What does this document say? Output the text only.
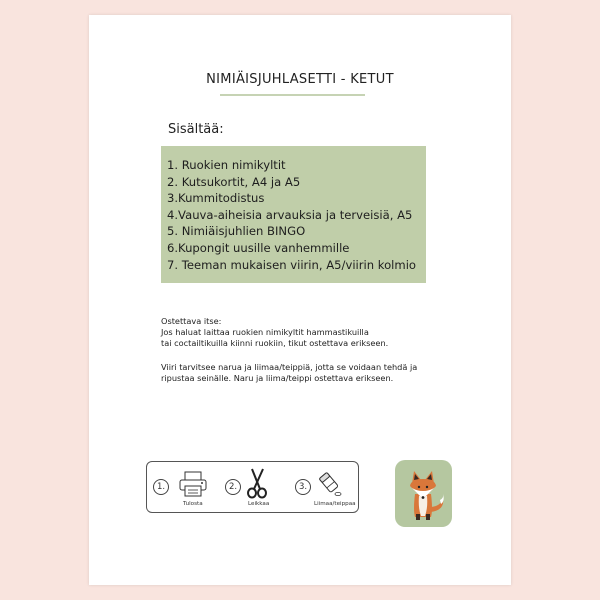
NIMIÄISJUHLASETTI - KETUT
Sisältää:
1. Ruokien nimikyltit
2. Kutsukortit, A4 ja A5
3.Kummitodistus
4.Vauva-aiheisia arvauksia ja terveisiä, A5
5. Nimiäisjuhlien BINGO
6.Kupongit uusille vanhemmille
7. Teeman mukaisen viirin, A5/viirin kolmio
Ostettava itse:
Jos haluat laittaa ruokien nimikyltit hammastikuilla
tai coctailtikuilla kiinni ruokiin, tikut ostettava erikseen.
Viiri tarvitsee narua ja liimaa/teippiä, jotta se voidaan tehdä ja
ripustaa seinälle. Naru ja liima/teippi ostettava erikseen.
1.
Tulosta
2.
Leikkaa
3.
Liimaa/teippaa
